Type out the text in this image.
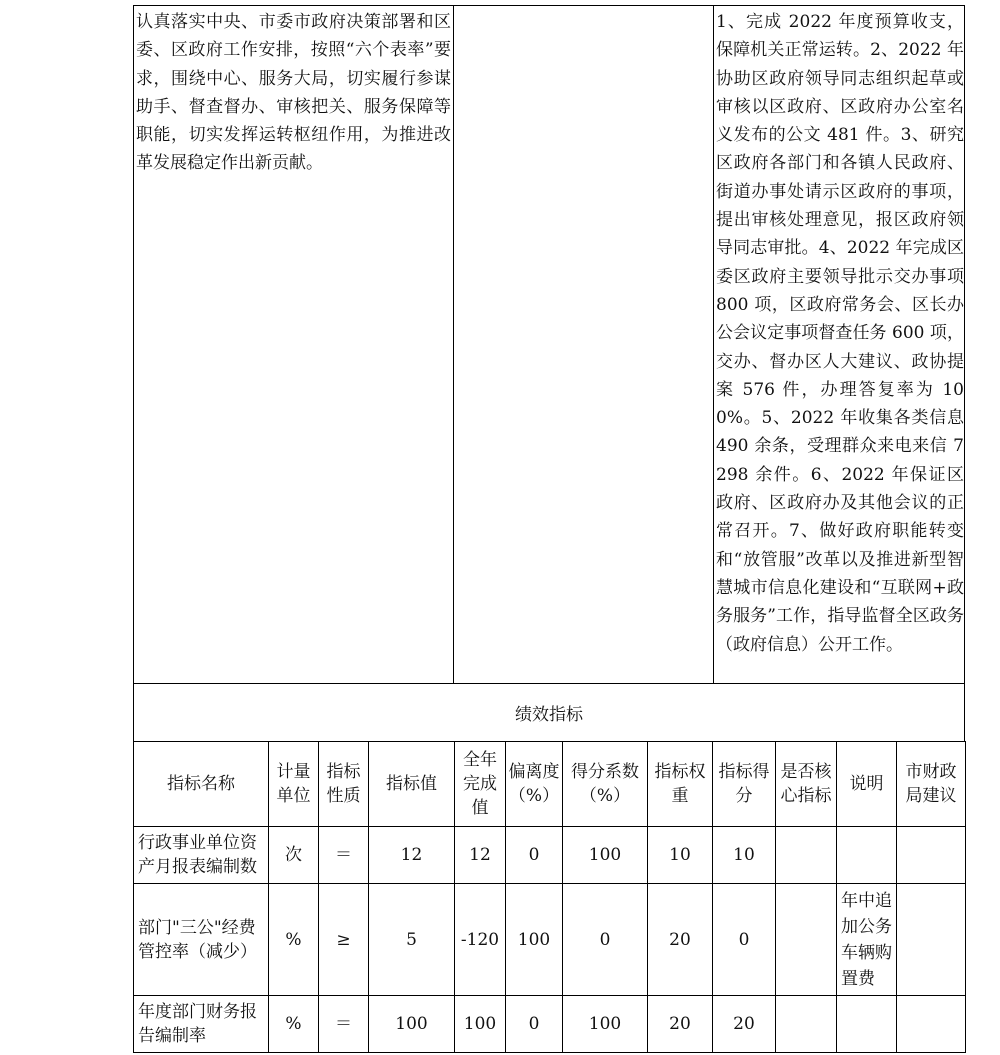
认真落实中央、市委市政府决策部署和区委、区政府工作安排，按照“六个表率”要求，围绕中心、服务大局，切实履行参谋助手、督查督办、审核把关、服务保障等职能，切实发挥运转枢纽作用，为推进改革发展稳定作出新贡献。
1、完成 2022 年度预算收支，保障机关正常运转。2、2022 年协助区政府领导同志组织起草或审核以区政府、区政府办公室名义发布的公文 481 件。3、研究区政府各部门和各镇人民政府、街道办事处请示区政府的事项，提出审核处理意见，报区政府领导同志审批。4、2022 年完成区委区政府主要领导批示交办事项 800 项，区政府常务会、区长办公会议定事项督查任务 600 项，交办、督办区人大建议、政协提案 576 件，办理答复率为 100%。5、2022 年收集各类信息 490 余条，受理群众来电来信 7298 余件。6、2022 年保证区政府、区政府办及其他会议的正常召开。7、做好政府职能转变和“放管服”改革以及推进新型智慧城市信息化建设和“互联网+政务服务”工作，指导监督全区政务（政府信息）公开工作。
绩效指标
指标名称	计量单位	指标性质	指标值	全年完成值	偏离度（%）	得分系数（%）	指标权重	指标得分	是否核心指标	说明	市财政局建议
行政事业单位资产月报表编制数	次	＝	12	12	0	100	10	10			
部门"三公"经费管控率（减少）	%	≥	5	-120	100	0	20	0		年中追加公务车辆购置费	
年度部门财务报告编制率	%	＝	100	100	0	100	20	20			
